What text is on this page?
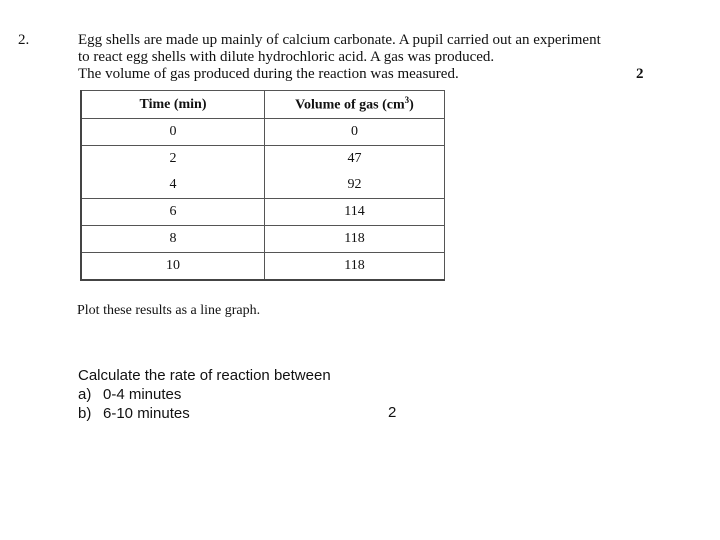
2.	Egg shells are made up mainly of calcium carbonate. A pupil carried out an experiment
to react egg shells with dilute hydrochloric acid. A gas was produced.
The volume of gas produced during the reaction was measured.	2
Time (min)	Volume of gas $(cm^3)$
0	0
2	47
4	92
6	114
8	118
10	118
Plot these results as a line graph.
Calculate the rate of reaction between
a) 0-4 minutes
b) 6-10 minutes	2
